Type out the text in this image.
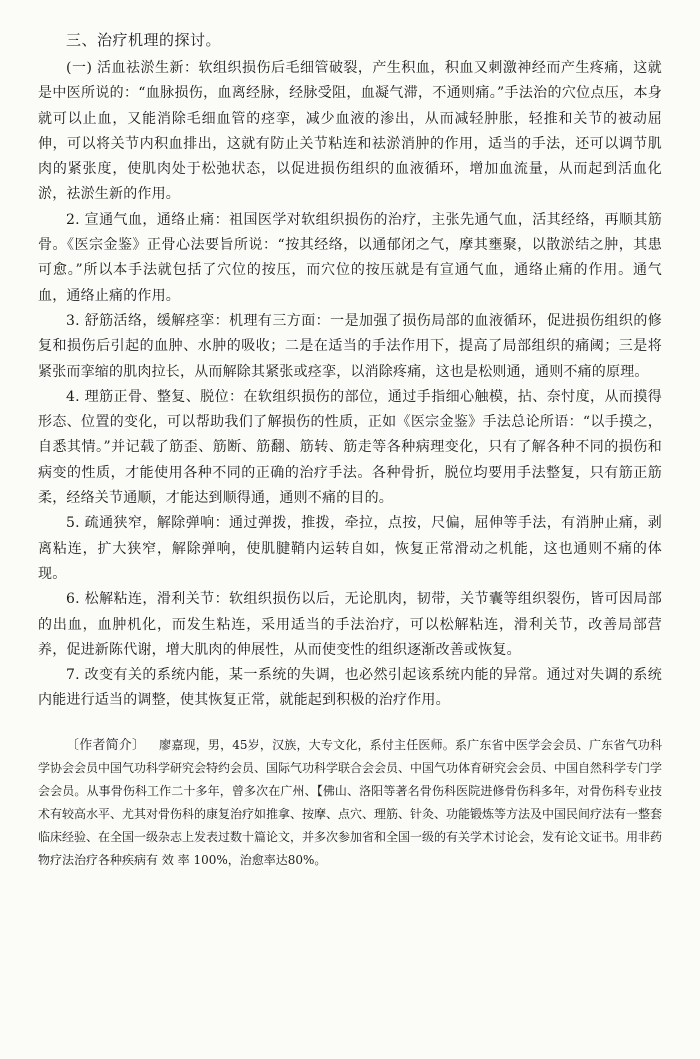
三、治疗机理的探讨。

(一) 活血祛淤生新：软组织损伤后毛细管破裂，产生积血，积血又刺激神经而产生疼痛，这就是中医所说的：“血脉损伤，血离经脉，经脉受阻，血凝气滞，不通则痛。”手法治的穴位点压，本身就可以止血，又能消除毛细血管的痉挛，减少血液的渗出，从而减轻肿胀，轻推和关节的被动屈伸，可以将关节内积血排出，这就有防止关节粘连和祛淤消肿的作用，适当的手法，还可以调节肌肉的紧张度，使肌肉处于松弛状态，以促进损伤组织的血液循环，增加血流量，从而起到活血化淤，祛淤生新的作用。

2. 宣通气血，通络止痛：祖国医学对软组织损伤的治疗，主张先通气血，活其经络，再顺其筋骨。《医宗金鉴》正骨心法要旨所说：“按其经络，以通郁闭之气，摩其壅聚，以散淤结之肿，其患可愈。”所以本手法就包括了穴位的按压，而穴位的按压就是有宣通气血，通络止痛的作用。通气血，通络止痛的作用。

3. 舒筋活络，缓解痉挛：机理有三方面：一是加强了损伤局部的血液循环，促进损伤组织的修复和损伤后引起的血肿、水肿的吸收；二是在适当的手法作用下，提高了局部组织的痛阈；三是将紧张而挛缩的肌肉拉长，从而解除其紧张或痉挛，以消除疼痛，这也是松则通，通则不痛的原理。

4. 理筋正骨、整复、脱位：在软组织损伤的部位，通过手指细心触模，拈、奈忖度，从而摸得形态、位置的变化，可以帮助我们了解损伤的性质，正如《医宗金鉴》手法总论所语：“以手摸之，自悉其情。”并记载了筋歪、筋断、筋翻、筋转、筋走等各种病理变化，只有了解各种不同的损伤和病变的性质，才能使用各种不同的正确的治疗手法。各种骨折，脱位均要用手法整复，只有筋正筋柔，经络关节通顺，才能达到顺得通，通则不痛的目的。

5. 疏通狭窄，解除弹响：通过弹拨，推拨，牵拉，点按，尺偏，屈伸等手法，有消肿止痛，剥离粘连，扩大狭窄，解除弹响，使肌腱鞘内运转自如，恢复正常滑动之机能，这也通则不痛的体现。

6. 松解粘连，滑利关节：软组织损伤以后，无论肌肉，韧带，关节囊等组织裂伤，皆可因局部的出血，血肿机化，而发生粘连，采用适当的手法治疗，可以松解粘连，滑利关节，改善局部营养，促进新陈代谢，增大肌肉的伸展性，从而使变性的组织逐渐改善或恢复。

7. 改变有关的系统内能，某一系统的失调，也必然引起该系统内能的异常。通过对失调的系统内能进行适当的调整，使其恢复正常，就能起到积极的治疗作用。

〔作者简介〕 廖嘉现，男，45岁，汉族，大专文化，系付主任医师。系广东省中医学会会员、广东省气功科学协会会员中国气功科学研究会特约会员、国际气功科学联合会会员、中国气功体育研究会会员、中国自然科学专门学会会员。从事骨伤科工作二十多年，曾多次在广州、【佛山、洛阳等著名骨伤科医院进修骨伤科多年，对骨伤科专业技术有较高水平、尤其对骨伤科的康复治疗如推拿、按摩、点穴、理筋、针灸、功能锻炼等方法及中国民间疗法有一整套临床经验、在全国一级杂志上发表过数十篇论文，并多次参加省和全国一级的有关学术讨论会，发有论文证书。用非药物疗法治疗各种疾病有 效 率 100%，治愈率达80%。
